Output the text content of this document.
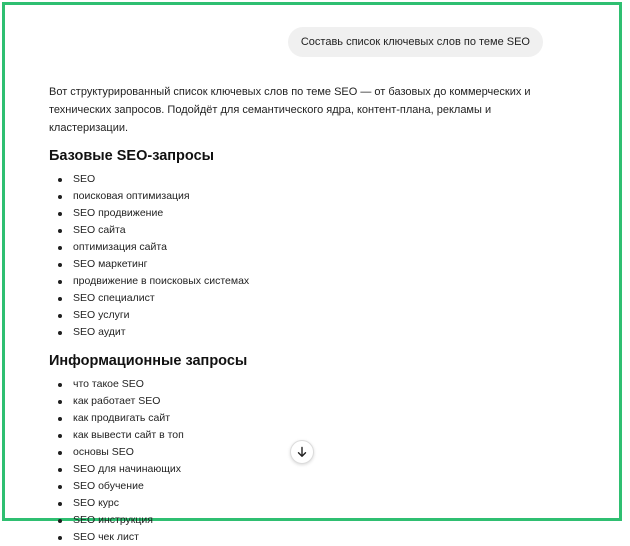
Составь список ключевых слов по теме SEO

Вот структурированный список ключевых слов по теме SEO — от базовых до коммерческих и технических запросов. Подойдёт для семантического ядра, контент-плана, рекламы и кластеризации.

Базовые SEO-запросы
SEO
поисковая оптимизация
SEO продвижение
SEO сайта
оптимизация сайта
SEO маркетинг
продвижение в поисковых системах
SEO специалист
SEO услуги
SEO аудит
Информационные запросы
что такое SEO
как работает SEO
как продвигать сайт
как вывести сайт в топ
основы SEO
SEO для начинающих
SEO обучение
SEO курс
SEO инструкция
SEO чек лист
